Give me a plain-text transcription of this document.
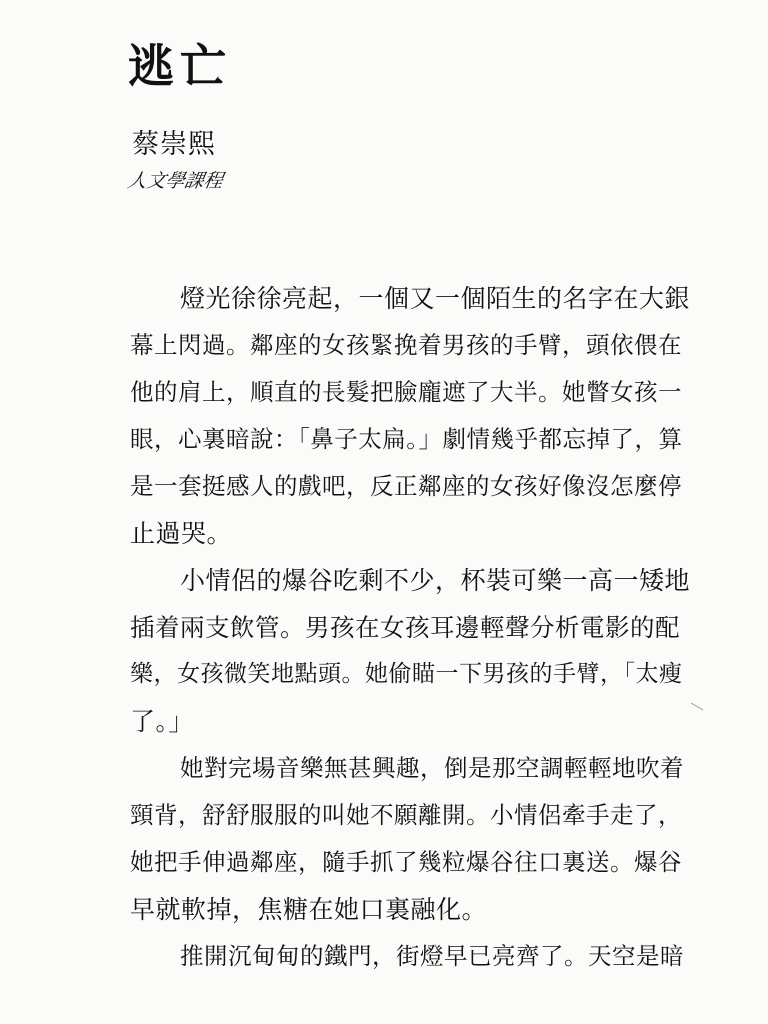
逃亡
蔡崇熙
人文學課程
燈光徐徐亮起，一個又一個陌生的名字在大銀
幕上閃過。鄰座的女孩緊挽着男孩的手臂，頭依偎在
他的肩上，順直的長髮把臉龐遮了大半。她瞥女孩一
眼，心裏暗說：「鼻子太扁。」劇情幾乎都忘掉了，算
是一套挺感人的戲吧，反正鄰座的女孩好像沒怎麼停
止過哭。
小情侶的爆谷吃剩不少，杯裝可樂一高一矮地
插着兩支飲管。男孩在女孩耳邊輕聲分析電影的配
樂，女孩微笑地點頭。她偷瞄一下男孩的手臂，「太瘦
了。」
她對完場音樂無甚興趣，倒是那空調輕輕地吹着
頸背，舒舒服服的叫她不願離開。小情侶牽手走了，
她把手伸過鄰座，隨手抓了幾粒爆谷往口裏送。爆谷
早就軟掉，焦糖在她口裏融化。
推開沉甸甸的鐵門，街燈早已亮齊了。天空是暗
